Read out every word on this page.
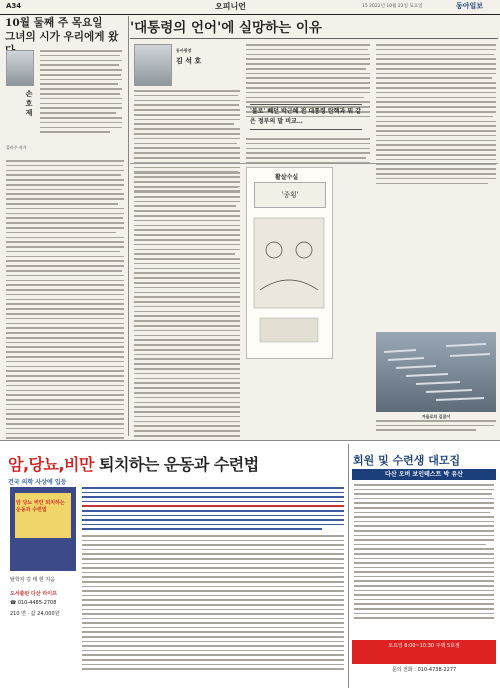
A34	오피니언	15 2022년 10월 22일 토요일	동아일보
10월 둘째 주 목요일
그녀의 시가 우리에게 왔
손 호 제
콜라주 작가
'대통령의 언어'에 실망하는 이유
동아광장
김 석 호
'불로' 빼던 박근혜 전 대통령 탄핵과 뭐 같은 정부의 말 비교…
활살수실
'종횡'
겨울로의 길잡이
암,당뇨,비만 퇴치하는 운동과 수련법
건국 의학 사상에 입등
암 당뇨 비만 퇴치하는 운동과 수련법
탈학지 김 태 현 지음
도서출판 다산 라이프
☎ 010-4485-2708
210 면 · 값 24,000원
회원 및 수련생 대모집
다산 오버 보인테스트 박 유산
토요일 8:00~10:30 주택 5호점
문의 전화 : 010-4738-2277
